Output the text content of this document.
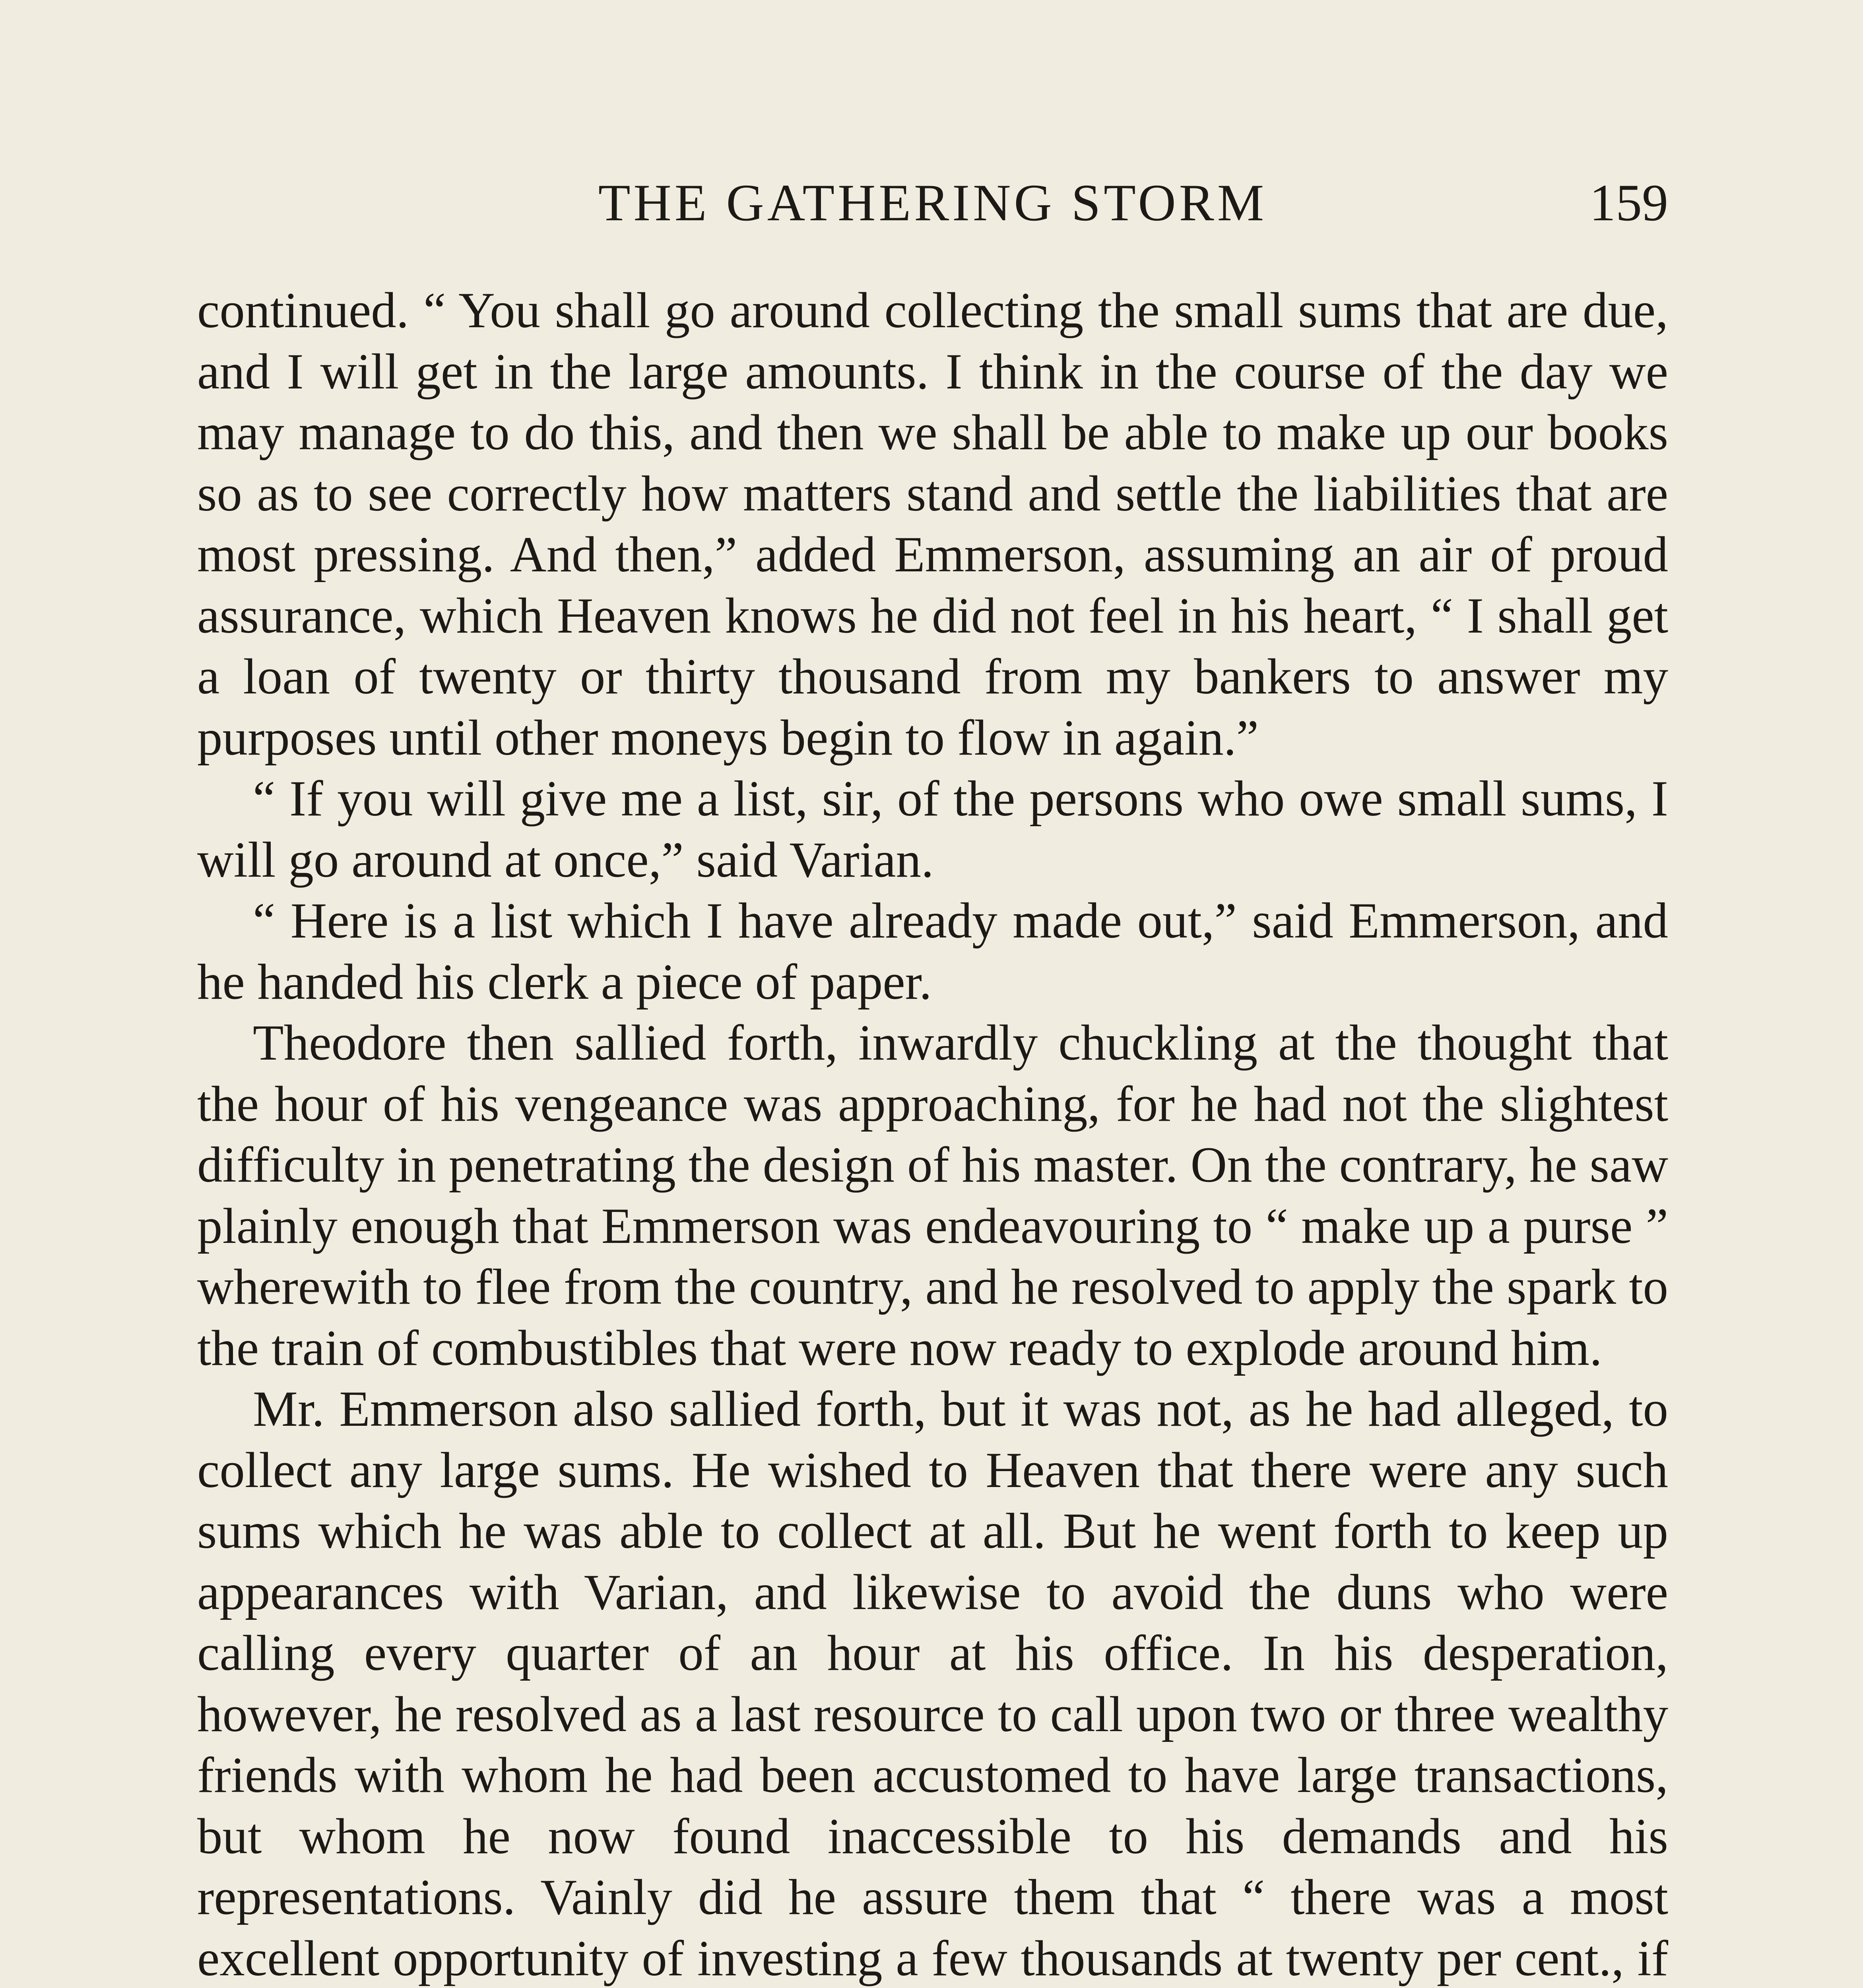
THE GATHERING STORM	159

continued. “ You shall go around collecting the small sums that are due, and I will get in the large amounts. I think in the course of the day we may manage to do this, and then we shall be able to make up our books so as to see correctly how matters stand and settle the liabilities that are most pressing. And then,” added Emmerson, assuming an air of proud assurance, which Heaven knows he did not feel in his heart, “ I shall get a loan of twenty or thirty thousand from my bankers to answer my purposes until other moneys begin to flow in again.”

“ If you will give me a list, sir, of the persons who owe small sums, I will go around at once,” said Varian.

“ Here is a list which I have already made out,” said Emmerson, and he handed his clerk a piece of paper.

Theodore then sallied forth, inwardly chuckling at the thought that the hour of his vengeance was approaching, for he had not the slightest difficulty in penetrating the design of his master. On the contrary, he saw plainly enough that Emmerson was endeavouring to “ make up a purse ” wherewith to flee from the country, and he resolved to apply the spark to the train of combustibles that were now ready to explode around him.

Mr. Emmerson also sallied forth, but it was not, as he had alleged, to collect any large sums. He wished to Heaven that there were any such sums which he was able to collect at all. But he went forth to keep up appearances with Varian, and likewise to avoid the duns who were calling every quarter of an hour at his office. In his desperation, however, he resolved as a last resource to call upon two or three wealthy friends with whom he had been accustomed to have large transactions, but whom he now found inaccessible to his demands and his representations. Vainly did he assure them that “ there was a most excellent opportunity of investing a few thousands at twenty per cent., if
